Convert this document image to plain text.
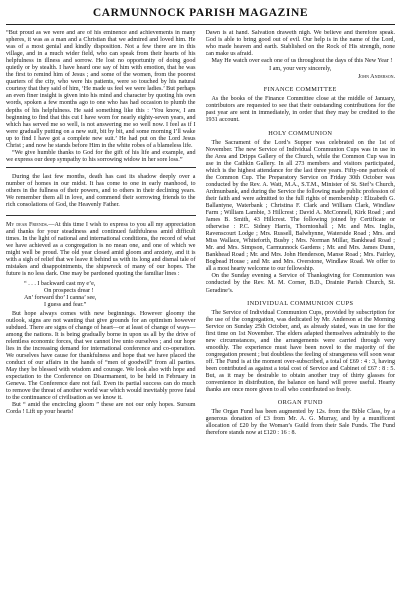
CARMUNNOCK PARISH MAGAZINE

“But proud as we were and are of his eminence and achievements in many spheres, it was as a man and a Christian that we admired and loved him. He was of a most genial and kindly disposition. Not a few there are in this village, and in a much wider field, who can speak from their hearts of his helpfulness in illness and sorrow. He lost no opportunity of doing good quietly or by stealth. I have heard one say of him with emotion, that he was the first to remind him of Jesus ; and some of the women, from the poorest quarters of the city, who were his patients, were so touched by his natural courtesy that they said of him, ‘He made us feel we were ladies.’ But perhaps an even finer insight is given into his mind and character by quoting his own words, spoken a few months ago to one who has had occasion to plumb the depths of his helpfulness. He said something like this : ‘You know, I am beginning to find that this cut I have worn for nearly eighty-seven years, and which has served me so well, is not answering me so well now. I feel as if I were gradually putting on a new suit, bit by bit, and some morning I’ll wake up to find I have got a complete new suit.’ He had put on the Lord Jesus Christ ; and now he stands before Him in the white robes of a blameless life.

“We give humble thanks to God for the gift of his life and example, and we express our deep sympathy to his sorrowing widow in her sore loss.”

During the last few months, death has cast its shadow deeply over a number of homes in our midst. It has come to one in early manhood, to others in the fullness of their powers, and to others in their declining years. We remember them all in love, and commend their sorrowing friends to the rich consolations of God, the Heavenly Father.

My dear Friends.—At this time I wish to express to you all my appreciation and thanks for your steadiness and continued faithfulness amid difficult times. In the light of national and international conditions, the record of what we have achieved as a congregation is no mean one, and one of which we might well be proud. The old year closed amid gloom and anxiety, and it is with a sigh of relief that we leave it behind us with its long and dismal tale of mistakes and disappointments, the shipwreck of many of our hopes. The future is no less dark. One may be pardoned quoting the familiar lines :

“ . . . I backward cast my e’e,
On prospects drear !
An’ forward tho’ I canna’ see,
I guess and fear.”

But hope always comes with new beginnings. However gloomy the outlook, signs are not wanting that give grounds for an optimism however subdued. There are signs of change of heart—or at least of change of ways—among the nations. It is being gradually borne in upon us all by the drive of relentless economic forces, that we cannot live unto ourselves ; and our hope lies in the increasing demand for international conference and co-operation. We ourselves have cause for thankfulness and hope that we have placed the conduct of our affairs in the hands of “men of goodwill” from all parties. May they be blessed with wisdom and courage. We look also with hope and expectation to the Conference on Disarmament, to be held in February in Geneva. The Conference dare not fail. Even its partial success can do much to remove the threat of another world war which would inevitably prove fatal to the continuance of civilisation as we know it.

But “ amid the encircling gloom ” these are not our only hopes. Sursum Corda ! Lift up your hearts!

Dawn is at hand. Salvation draweth nigh. We believe and therefore speak. God is able to bring good out of evil. Our help is in the name of the Lord, who made heaven and earth. Stablished on the Rock of His strength, none can make us afraid.

May He watch over each one of us throughout the days of this New Year !

I am, your very sincerely,
John Anderson.
FINANCE COMMITTEE

As the books of the Finance Committee close at the middle of January, contributors are requested to see that their outstanding contributions for the past year are sent in immediately, in order that they may be credited to the 1931 account.

HOLY COMMUNION

The Sacrament of the Lord’s Supper was celebrated on the 1st of November. The new Service of Individual Communion Cups was in use in the Area and Dripps Gallery of the Church, while the Common Cup was in use in the Cathkin Gallery. In all 273 members and visitors participated, which is the highest attendance for the last three years. Fifty-one partook of the Common Cup. The Preparatory Service on Friday 30th October was conducted by the Rev. A. Watt, M.A., S.T.M., Minister of St. Stef’s Church, Ardmunbank, and during the Service the following made public profession of their faith and were admitted to the full rights of membership : Elizabeth G. Ballantyne, Waterbank ; Christina F. Clark and William Clark, Windlaw Farm ; William Lambie, 3 Hillcrest ; David A. McConnell, Kirk Road ; and James B. Smith, 43 Hillcrest. The following joined by Certificate or otherwise : P.C. Sidney Harris, Thorntonhall ; Mr. and Mrs. Inglis, Ravenscourt Lodge ; Mrs. Russell, Balwhynne, Waterside Road ; Mrs. and Miss Wallace, Whiteforth, Busby ; Mrs. Norman Millar, Bankhead Road ; Mr. and Mrs. Simpson, Carmunnock Gardens ; Mr. and Mrs. James Dunn, Bankhead Road ; Mr. and Mrs. John Henderson, Manse Road ; Mrs. Fairley, Bogbead House ; and Mr. and Mrs. Overstone, Windlaw Road. We offer to all a most hearty welcome to our fellowship.

On the Sunday evening a Service of Thanksgiving for Communion was conducted by the Rev. M. M. Corner, B.D., Drainie Parish Church, St. Geradine’s.

INDIVIDUAL COMMUNION CUPS

The Service of Individual Communion Cups, provided by subscription for the use of the congregation, was dedicated by Mr. Anderson at the Morning Service on Sunday 25th October, and, as already stated, was in use for the first time on 1st November. The elders adapted themselves admirably to the new circumstances, and the arrangements were carried through very smoothly. The experience must have been novel to the majority of the congregation present ; but doubtless the feeling of strangeness will soon wear off. The Fund is at the moment over-subscribed, a total of £69 : 4 : 3, having been contributed as against a total cost of Service and Cabinet of £67 : 8 : 5. But, as it may be desirable to obtain another tray of thirty glasses for convenience in distribution, the balance on hand will prove useful. Hearty thanks are once more given to all who contributed so freely.

ORGAN FUND

The Organ Fund has been augmented by 12s. from the Bible Class, by a generous donation of £3 from Mr. A. G. Murray, and by a munificent allocation of £20 by the Woman’s Guild from their Sale Funds. The Fund therefore stands now at £120 : 16 : 8.
